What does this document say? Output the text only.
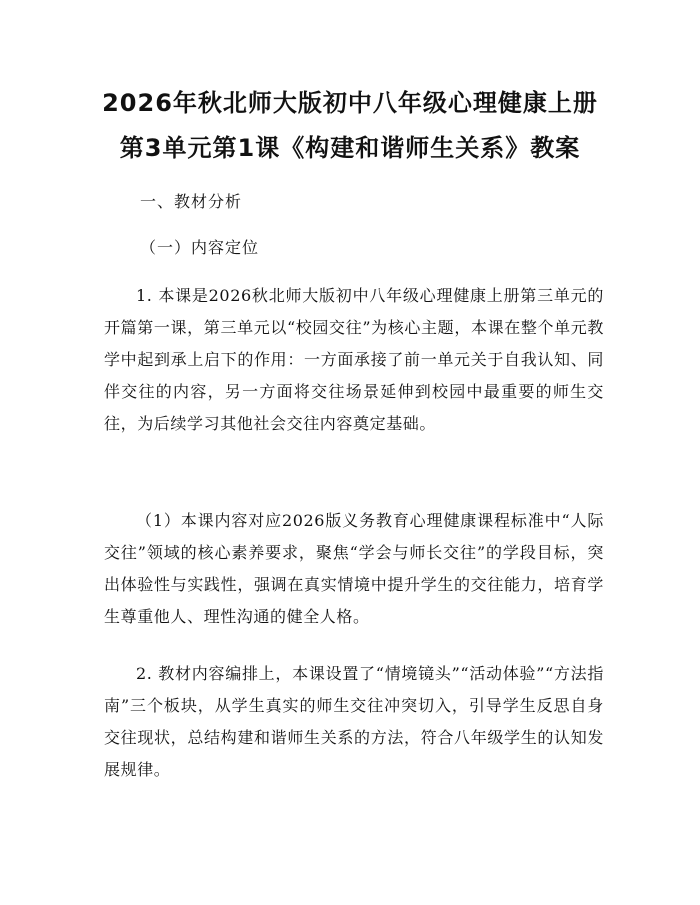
2026年秋北师大版初中八年级心理健康上册
第3单元第1课《构建和谐师生关系》教案
一、教材分析
（一）内容定位
1. 本课是2026秋北师大版初中八年级心理健康上册第三单元的开篇第一课，第三单元以“校园交往”为核心主题，本课在整个单元教学中起到承上启下的作用：一方面承接了前一单元关于自我认知、同伴交往的内容，另一方面将交往场景延伸到校园中最重要的师生交往，为后续学习其他社会交往内容奠定基础。
（1）本课内容对应2026版义务教育心理健康课程标准中“人际交往”领域的核心素养要求，聚焦“学会与师长交往”的学段目标，突出体验性与实践性，强调在真实情境中提升学生的交往能力，培育学生尊重他人、理性沟通的健全人格。
2. 教材内容编排上，本课设置了“情境镜头”“活动体验”“方法指南”三个板块，从学生真实的师生交往冲突切入，引导学生反思自身交往现状，总结构建和谐师生关系的方法，符合八年级学生的认知发展规律。
